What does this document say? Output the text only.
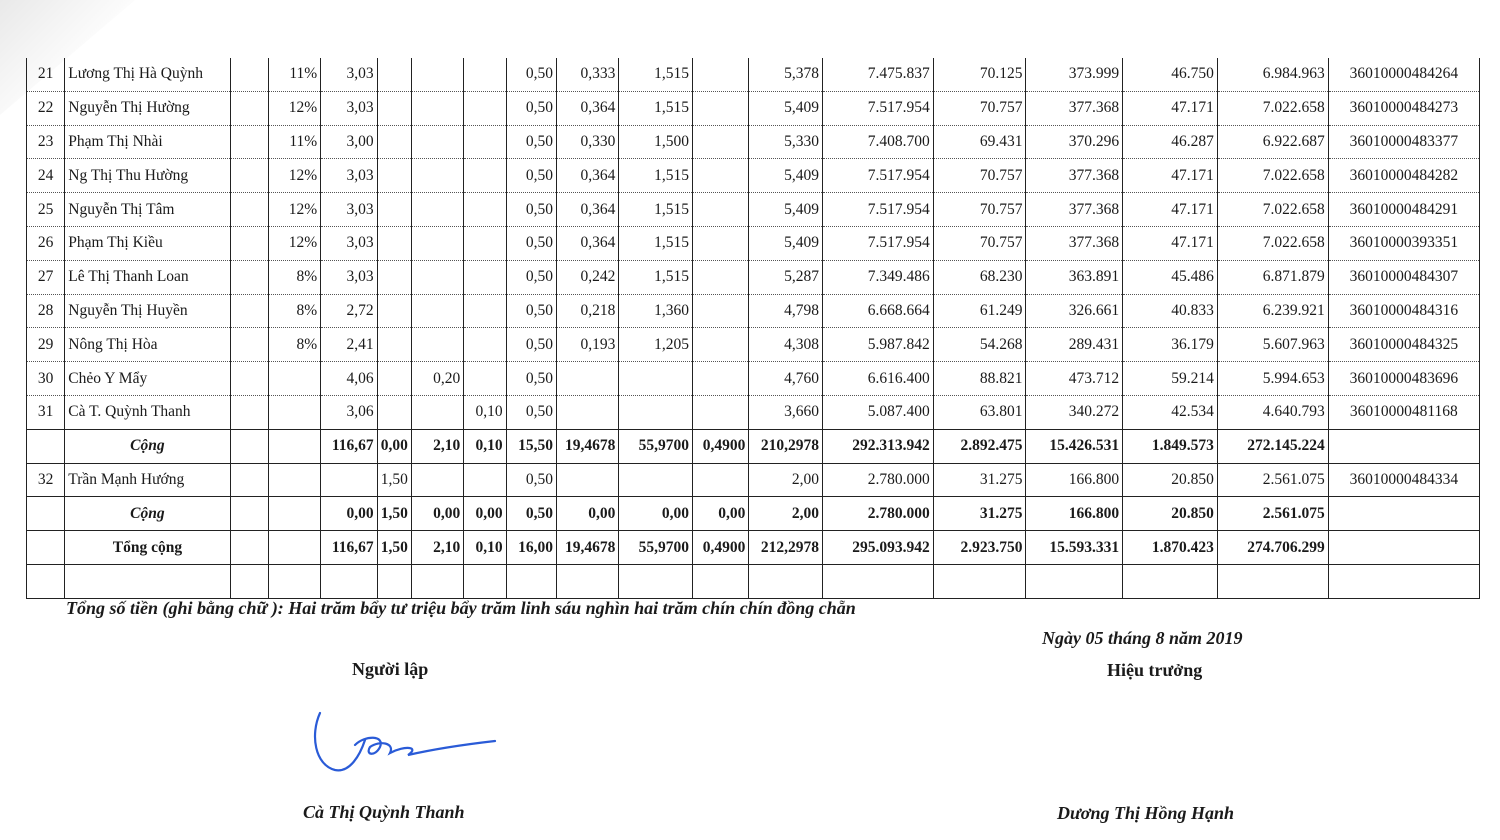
21	Lương Thị Hà Quỳnh		11%	3,03				0,50	0,333	1,515		5,378	7.475.837	70.125	373.999	46.750	6.984.963	36010000484264
22	Nguyễn Thị Hường		12%	3,03				0,50	0,364	1,515		5,409	7.517.954	70.757	377.368	47.171	7.022.658	36010000484273
23	Phạm Thị Nhài		11%	3,00				0,50	0,330	1,500		5,330	7.408.700	69.431	370.296	46.287	6.922.687	36010000483377
24	Ng Thị Thu Hường		12%	3,03				0,50	0,364	1,515		5,409	7.517.954	70.757	377.368	47.171	7.022.658	36010000484282
25	Nguyễn Thị Tâm		12%	3,03				0,50	0,364	1,515		5,409	7.517.954	70.757	377.368	47.171	7.022.658	36010000484291
26	Phạm Thị Kiều		12%	3,03				0,50	0,364	1,515		5,409	7.517.954	70.757	377.368	47.171	7.022.658	36010000393351
27	Lê Thị Thanh Loan		8%	3,03				0,50	0,242	1,515		5,287	7.349.486	68.230	363.891	45.486	6.871.879	36010000484307
28	Nguyễn Thị Huyền		8%	2,72				0,50	0,218	1,360		4,798	6.668.664	61.249	326.661	40.833	6.239.921	36010000484316
29	Nông Thị Hòa		8%	2,41				0,50	0,193	1,205		4,308	5.987.842	54.268	289.431	36.179	5.607.963	36010000484325
30	Chẻo Y Mẩy			4,06		0,20		0,50				4,760	6.616.400	88.821	473.712	59.214	5.994.653	36010000483696
31	Cà T. Quỳnh Thanh			3,06			0,10	0,50				3,660	5.087.400	63.801	340.272	42.534	4.640.793	36010000481168
	Cộng			116,67	0,00	2,10	0,10	15,50	19,4678	55,9700	0,4900	210,2978	292.313.942	2.892.475	15.426.531	1.849.573	272.145.224	
32	Trần Mạnh Hướng				1,50			0,50				2,00	2.780.000	31.275	166.800	20.850	2.561.075	36010000484334
	Cộng			0,00	1,50	0,00	0,00	0,50	0,00	0,00	0,00	2,00	2.780.000	31.275	166.800	20.850	2.561.075	
	Tổng cộng			116,67	1,50	2,10	0,10	16,00	19,4678	55,9700	0,4900	212,2978	295.093.942	2.923.750	15.593.331	1.870.423	274.706.299	

Tổng số tiền (ghi bằng chữ ): Hai trăm bẩy tư triệu bẩy trăm linh sáu nghìn hai trăm chín chín đồng chẵn
Ngày 05 tháng 8 năm 2019
Người lập	Hiệu trưởng
Cà Thị Quỳnh Thanh	Dương Thị Hồng Hạnh
